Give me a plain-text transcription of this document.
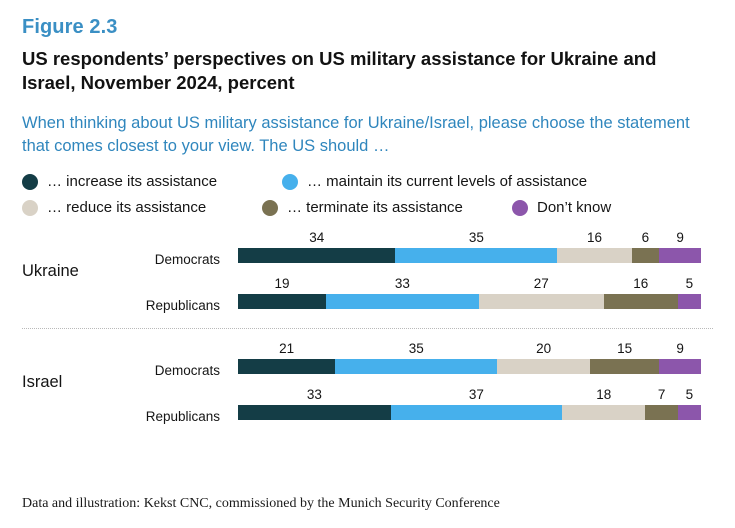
Figure 2.3
US respondents’ perspectives on US military assistance for Ukraine and Israel, November 2024, percent
When thinking about US military assistance for Ukraine/Israel, please choose the statement that comes closest to your view. The US should …
… increase its assistance	… maintain its current levels of assistance
… reduce its assistance	… terminate its assistance	Don’t know
Ukraine
Democrats
34	35	16	6 9
Republicans
19	33	27	16	5
Israel
Democrats
21	35	20	15	9
Republicans
33	37	18	7 5
Data and illustration: Kekst CNC, commissioned by the Munich Security Conference
